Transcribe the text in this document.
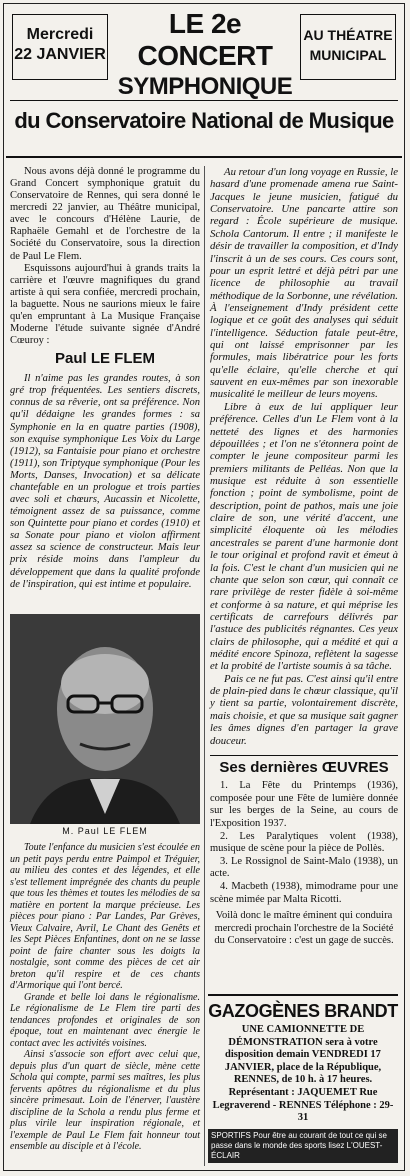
Mercredi
22 JANVIER
LE 2e CONCERT
SYMPHONIQUE
AU THÉATRE
MUNICIPAL
du Conservatoire National de Musique

Nous avons déjà donné le programme du Grand Concert symphonique gratuit du Conservatoire de Rennes, qui sera donné le mercredi 22 janvier, au Théâtre municipal, avec le concours d'Hélène Laurie, de Raphaële Gemahl et de l'orchestre de la Société du Conservatoire, sous la direction de Paul Le Flem.

Esquissons aujourd'hui à grands traits la carrière et l'œuvre magnifiques du grand artiste à qui sera confiée, mercredi prochain, la baguette. Nous ne saurions mieux le faire qu'en empruntant à La Musique Française Moderne l'étude suivante signée d'André Cœuroy :

Paul LE FLEM

Il n'aime pas les grandes routes, à son gré trop fréquentées. Les sentiers discrets, connus de sa rêverie, ont sa préférence. Non qu'il dédaigne les grandes formes : sa Symphonie en la en quatre parties (1908), son exquise symphonique Les Voix du Large (1912), sa Fantaisie pour piano et orchestre (1911), son Triptyque symphonique (Pour les Morts, Danses, Invocation) et sa délicate chantefable en un prologue et trois parties avec soli et chœurs, Aucassin et Nicolette, témoignent assez de sa puissance, comme son Quintette pour piano et cordes (1910) et sa Sonate pour piano et violon affirment assez sa science de constructeur. Mais leur prix réside moins dans l'ampleur du développement que dans la qualité profonde de l'inspiration, qui est intime et populaire.

M. Paul LE FLEM

Toute l'enfance du musicien s'est écoulée en un petit pays perdu entre Paimpol et Tréguier, au milieu des contes et des légendes, et elle s'est tellement imprégnée des chants du peuple que tous les thèmes et toutes les mélodies de sa matière en portent la marque précieuse. Les pièces pour piano : Par Landes, Par Grèves, Vieux Calvaire, Avril, Le Chant des Genêts et les Sept Pièces Enfantines, dont on ne se lasse point de faire chanter sous les doigts la nostalgie, sont comme des pièces de cet air breton qu'il respire et de ces chants d'Armorique qui l'ont bercé.

Grande et belle loi dans le régionalisme. Le régionalisme de Le Flem tire parti des tendances profondes et originales de son époque, tout en maintenant avec énergie le contact avec les activités voisines.

Ainsi s'associe son effort avec celui que, depuis plus d'un quart de siècle, mène cette Schola qui compte, parmi ses maîtres, les plus fervents apôtres du régionalisme et du plus sincère primesaut. Loin de l'énerver, l'austère discipline de la Schola a rendu plus ferme et plus virile leur inspiration régionale, et l'exemple de Paul Le Flem fait honneur tout ensemble au disciple et à l'école.

Au retour d'un long voyage en Russie, le hasard d'une promenade amena rue Saint-Jacques le jeune musicien, fatigué du Conservatoire. Une pancarte attire son regard : École supérieure de musique. Schola Cantorum. Il entre ; il manifeste le désir de travailler la composition, et d'Indy l'inscrit à un de ses cours. Ces cours sont, pour un esprit lettré et déjà pétri par une licence de philosophie au travail méthodique de la Sorbonne, une révélation. À l'enseignement d'Indy président cette logique et ce goût des analyses qui séduit l'intelligence. Séduction fatale peut-être, qui ont laissé emprisonner par les formules, mais libératrice pour les forts qu'elle éclaire, qu'elle cherche et qui sauvent en eux-mêmes par son inexorable musicalité le meilleur de leurs moyens.

Libre à eux de lui appliquer leur préférence. Celles d'un Le Flem vont à la netteté des lignes et des harmonies dépouillées ; et l'on ne s'étonnera point de compter le jeune compositeur parmi les premiers militants de Pelléas. Non que la musique est réduite à son essentielle fonction ; point de symbolisme, point de description, point de pathos, mais une joie claire de son, une vérité d'accent, une simplicité éloquente où les mélodies ancestrales se parent d'une harmonie dont le tour original et profond ravit et émeut à la fois. C'est le chant d'un musicien qui ne chante que selon son cœur, qui connaît ce rare privilège de rester fidèle à soi-même et conforme à sa nature, et qui méprise les certificats de carrefours délivrés par l'astuce des publicités régnantes. Ces yeux clairs de philosophe, qui a médité et qui a médité encore Spinoza, reflètent la sagesse et la probité de l'artiste soumis à sa tâche.

Pais ce ne fut pas. C'est ainsi qu'il entre de plain-pied dans le chœur classique, qu'il y tient sa partie, volontairement discrète, mais choisie, et que sa musique sait gagner les âmes dignes d'en partager la grave douceur.

Ses dernières ŒUVRES

1. La Fête du Printemps (1936), composée pour une Fête de lumière donnée sur les berges de la Seine, au cours de l'Exposition 1937.

2. Les Paralytiques volent (1938), musique de scène pour la pièce de Pollès.

3. Le Rossignol de Saint-Malo (1938), un acte.

4. Macbeth (1938), mimodrame pour une scène mimée par Malta Ricotti.

Voilà donc le maître éminent qui conduira mercredi prochain l'orchestre de la Société du Conservatoire : c'est un gage de succès.

GAZOGÈNES BRANDT
UNE CAMIONNETTE DE DÉMONSTRATION sera à votre disposition demain VENDREDI 17 JANVIER, place de la République, RENNES, de 10 h. à 17 heures. Représentant : JAQUEMET Rue Legraverend - RENNES Téléphone : 29-31
SPORTIFS Pour être au courant de tout ce qui se passe dans le monde des sports lisez L'OUEST-ÉCLAIR
